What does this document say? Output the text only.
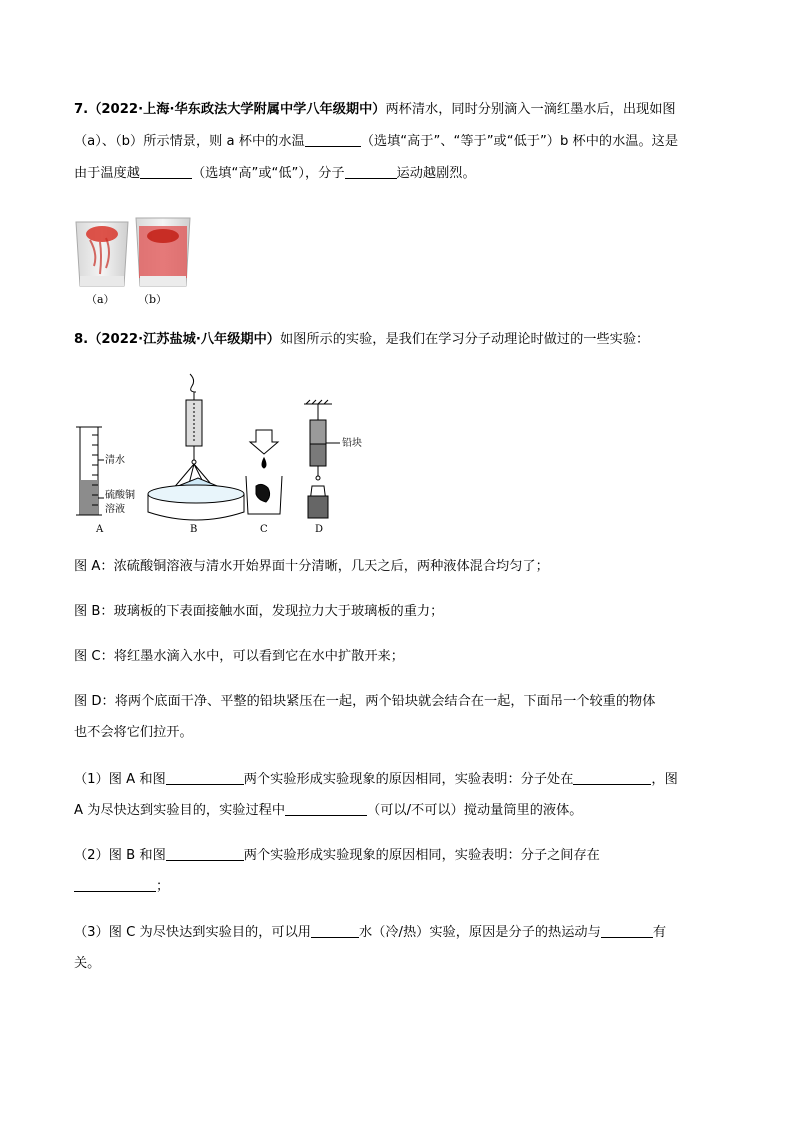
7.（2022·上海·华东政法大学附属中学八年级期中）两杯清水，同时分别滴入一滴红墨水后，出现如图
（a）、（b）所示情景，则 a 杯中的水温	（选填“高于”、“等于”或“低于”）b 杯中的水温。这是
由于温度越	（选填“高”或“低”），分子	运动越剧烈。
（a） （b）
8.（2022·江苏盐城·八年级期中）如图所示的实验，是我们在学习分子动理论时做过的一些实验：
清水
硫酸铜
溶液
A	B	C
铅块
D
图 A：浓硫酸铜溶液与清水开始界面十分清晰，几天之后，两种液体混合均匀了；
图 B：玻璃板的下表面接触水面，发现拉力大于玻璃板的重力；
图 C：将红墨水滴入水中，可以看到它在水中扩散开来；
图 D：将两个底面干净、平整的铅块紧压在一起，两个铅块就会结合在一起，下面吊一个较重的物体
也不会将它们拉开。
（1）图 A 和图	两个实验形成实验现象的原因相同，实验表明：分子处在	，图
A 为尽快达到实验目的，实验过程中	（可以/不可以）搅动量筒里的液体。
（2）图 B 和图	两个实验形成实验现象的原因相同，实验表明：分子之间存在
；
（3）图 C 为尽快达到实验目的，可以用	水（冷/热）实验，原因是分子的热运动与	有
关。
